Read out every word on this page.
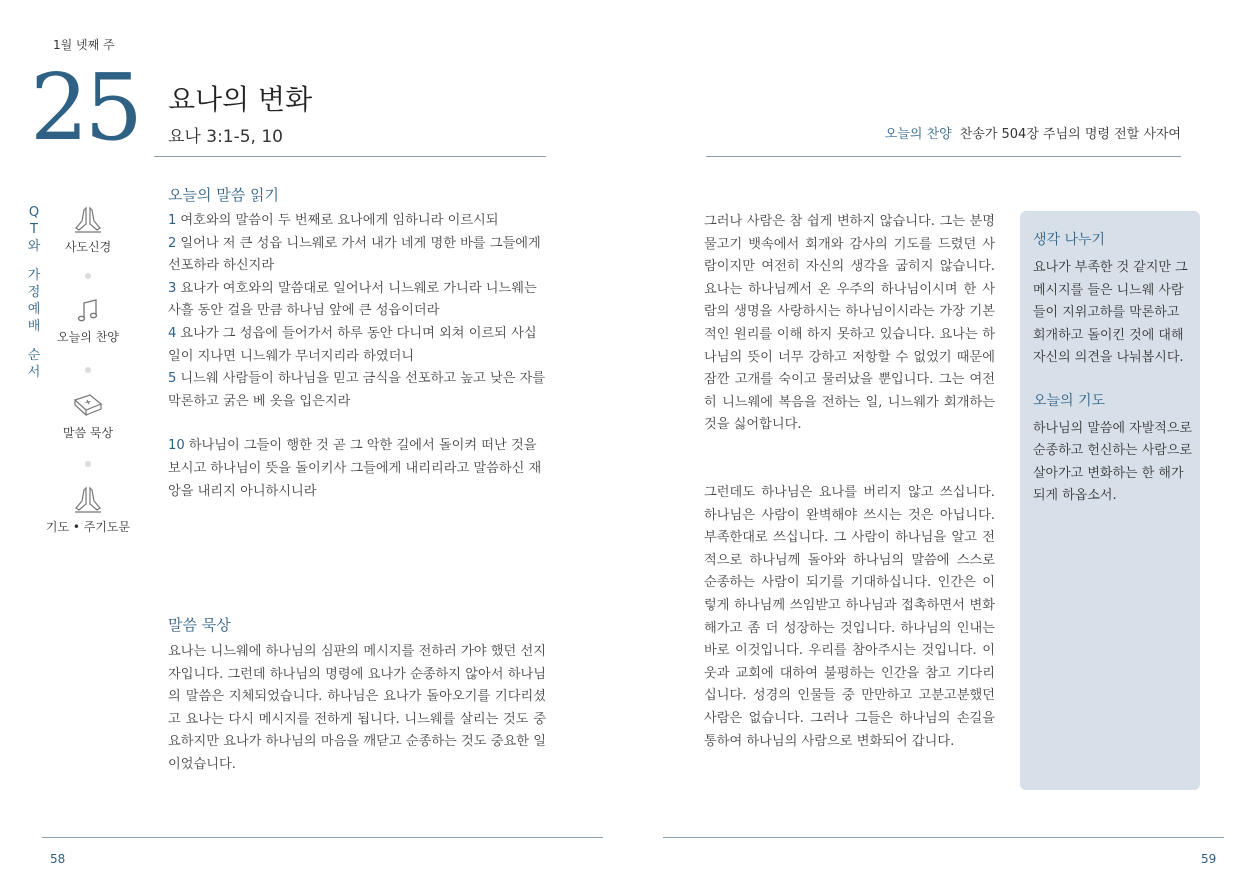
1월 넷째 주
25 요나의 변화
요나 3:1-5, 10	오늘의 찬양 찬송가 504장 주님의 명령 전할 사자여
Q
T
와
가
정
예
배
순
서
사도신경
오늘의 찬양
말씀 묵상
기도 • 주기도문
오늘의 말씀 읽기
1 여호와의 말씀이 두 번째로 요나에게 임하니라 이르시되
2 일어나 저 큰 성읍 니느웨로 가서 내가 네게 명한 바를 그들에게 선포하라 하신지라
3 요나가 여호와의 말씀대로 일어나서 니느웨로 가니라 니느웨는 사흘 동안 걸을 만큼 하나님 앞에 큰 성읍이더라
4 요나가 그 성읍에 들어가서 하루 동안 다니며 외쳐 이르되 사십 일이 지나면 니느웨가 무너지리라 하였더니
5 니느웨 사람들이 하나님을 믿고 금식을 선포하고 높고 낮은 자를 막론하고 굵은 베 옷을 입은지라
10 하나님이 그들이 행한 것 곧 그 악한 길에서 돌이켜 떠난 것을 보시고 하나님이 뜻을 돌이키사 그들에게 내리리라고 말씀하신 재앙을 내리지 아니하시니라
말씀 묵상
요나는 니느웨에 하나님의 심판의 메시지를 전하러 가야 했던 선지자입니다. 그런데 하나님의 명령에 요나가 순종하지 않아서 하나님의 말씀은 지체되었습니다. 하나님은 요나가 돌아오기를 기다리셨고 요나는 다시 메시지를 전하게 됩니다. 니느웨를 살리는 것도 중요하지만 요나가 하나님의 마음을 깨닫고 순종하는 것도 중요한 일이었습니다.
그러나 사람은 참 쉽게 변하지 않습니다. 그는 분명 물고기 뱃속에서 회개와 감사의 기도를 드렸던 사람이지만 여전히 자신의 생각을 굽히지 않습니다. 요나는 하나님께서 온 우주의 하나님이시며 한 사람의 생명을 사랑하시는 하나님이시라는 가장 기본적인 원리를 이해 하지 못하고 있습니다. 요나는 하나님의 뜻이 너무 강하고 저항할 수 없었기 때문에 잠깐 고개를 숙이고 물러났을 뿐입니다. 그는 여전히 니느웨에 복음을 전하는 일, 니느웨가 회개하는 것을 싫어합니다.
그런데도 하나님은 요나를 버리지 않고 쓰십니다. 하나님은 사람이 완벽해야 쓰시는 것은 아닙니다. 부족한대로 쓰십니다. 그 사람이 하나님을 알고 전적으로 하나님께 돌아와 하나님의 말씀에 스스로 순종하는 사람이 되기를 기대하십니다. 인간은 이렇게 하나님께 쓰임받고 하나님과 접촉하면서 변화해가고 좀 더 성장하는 것입니다. 하나님의 인내는 바로 이것입니다. 우리를 참아주시는 것입니다. 이웃과 교회에 대하여 불평하는 인간을 참고 기다리십니다. 성경의 인물들 중 만만하고 고분고분했던 사람은 없습니다. 그러나 그들은 하나님의 손길을 통하여 하나님의 사람으로 변화되어 갑니다.
생각 나누기
요나가 부족한 것 같지만 그 메시지를 들은 니느웨 사람들이 지위고하를 막론하고 회개하고 돌이킨 것에 대해 자신의 의견을 나눠봅시다.
오늘의 기도
하나님의 말씀에 자발적으로 순종하고 헌신하는 사람으로 살아가고 변화하는 한 해가 되게 하옵소서.
58	59
